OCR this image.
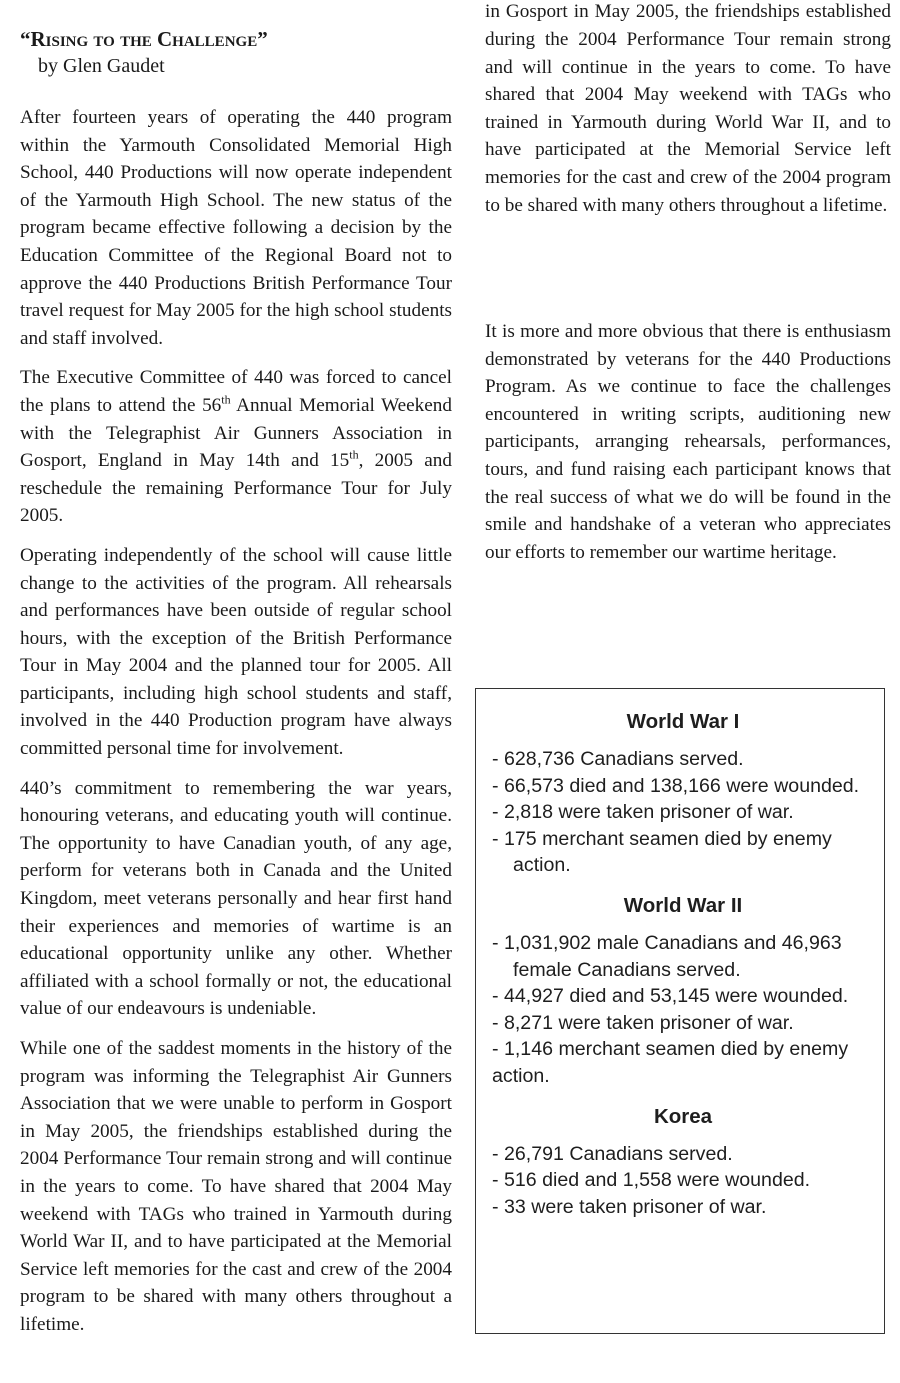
“Rising to the Challenge”

by Glen Gaudet

After fourteen years of operating the 440 program within the Yarmouth Consolidated Memorial High School, 440 Productions will now operate independent of the Yarmouth High School. The new status of the program became effective following a decision by the Education Committee of the Regional Board not to approve the 440 Productions British Performance Tour travel request for May 2005 for the high school students and staff involved.

The Executive Committee of 440 was forced to cancel the plans to attend the 56th Annual Memorial Weekend with the Telegraphist Air Gunners Association in Gosport, England in May 14th and 15th, 2005 and reschedule the remaining Performance Tour for July 2005.

Operating independently of the school will cause little change to the activities of the program. All rehearsals and performances have been outside of regular school hours, with the exception of the British Performance Tour in May 2004 and the planned tour for 2005. All participants, including high school students and staff, involved in the 440 Production program have always committed personal time for involvement.

440’s commitment to remembering the war years, honouring veterans, and educating youth will continue. The opportunity to have Canadian youth, of any age, perform for veterans both in Canada and the United Kingdom, meet veterans personally and hear first hand their experiences and memories of wartime is an educational opportunity unlike any other. Whether affiliated with a school formally or not, the educational value of our endeavours is undeniable.

While one of the saddest moments in the history of the program was informing the Telegraphist Air Gunners Association that we were unable to perform in Gosport in May 2005, the friendships established during the 2004 Performance Tour remain strong and will continue in the years to come. To have shared that 2004 May weekend with TAGs who trained in Yarmouth during World War II, and to have participated at the Memorial Service left memories for the cast and crew of the 2004 program to be shared with many others throughout a lifetime.

in Gosport in May 2005, the friendships established during the 2004 Performance Tour remain strong and will continue in the years to come. To have shared that 2004 May weekend with TAGs who trained in Yarmouth during World War II, and to have participated at the Memorial Service left memories for the cast and crew of the 2004 program to be shared with many others throughout a lifetime.

It is more and more obvious that there is enthusiasm demonstrated by veterans for the 440 Productions Program. As we continue to face the challenges encountered in writing scripts, auditioning new participants, arranging rehearsals, performances, tours, and fund raising each participant knows that the real success of what we do will be found in the smile and handshake of a veteran who appreciates our efforts to remember our wartime heritage.

World War I

- 628,736 Canadians served.
- 66,573 died and 138,166 were wounded.
- 2,818 were taken prisoner of war.
- 175 merchant seamen died by enemy action.

World War II

- 1,031,902 male Canadians and 46,963 female Canadians served.
- 44,927 died and 53,145 were wounded.
- 8,271 were taken prisoner of war.
- 1,146 merchant seamen died by enemy action.

Korea

- 26,791 Canadians served.
- 516 died and 1,558 were wounded.
- 33 were taken prisoner of war.
